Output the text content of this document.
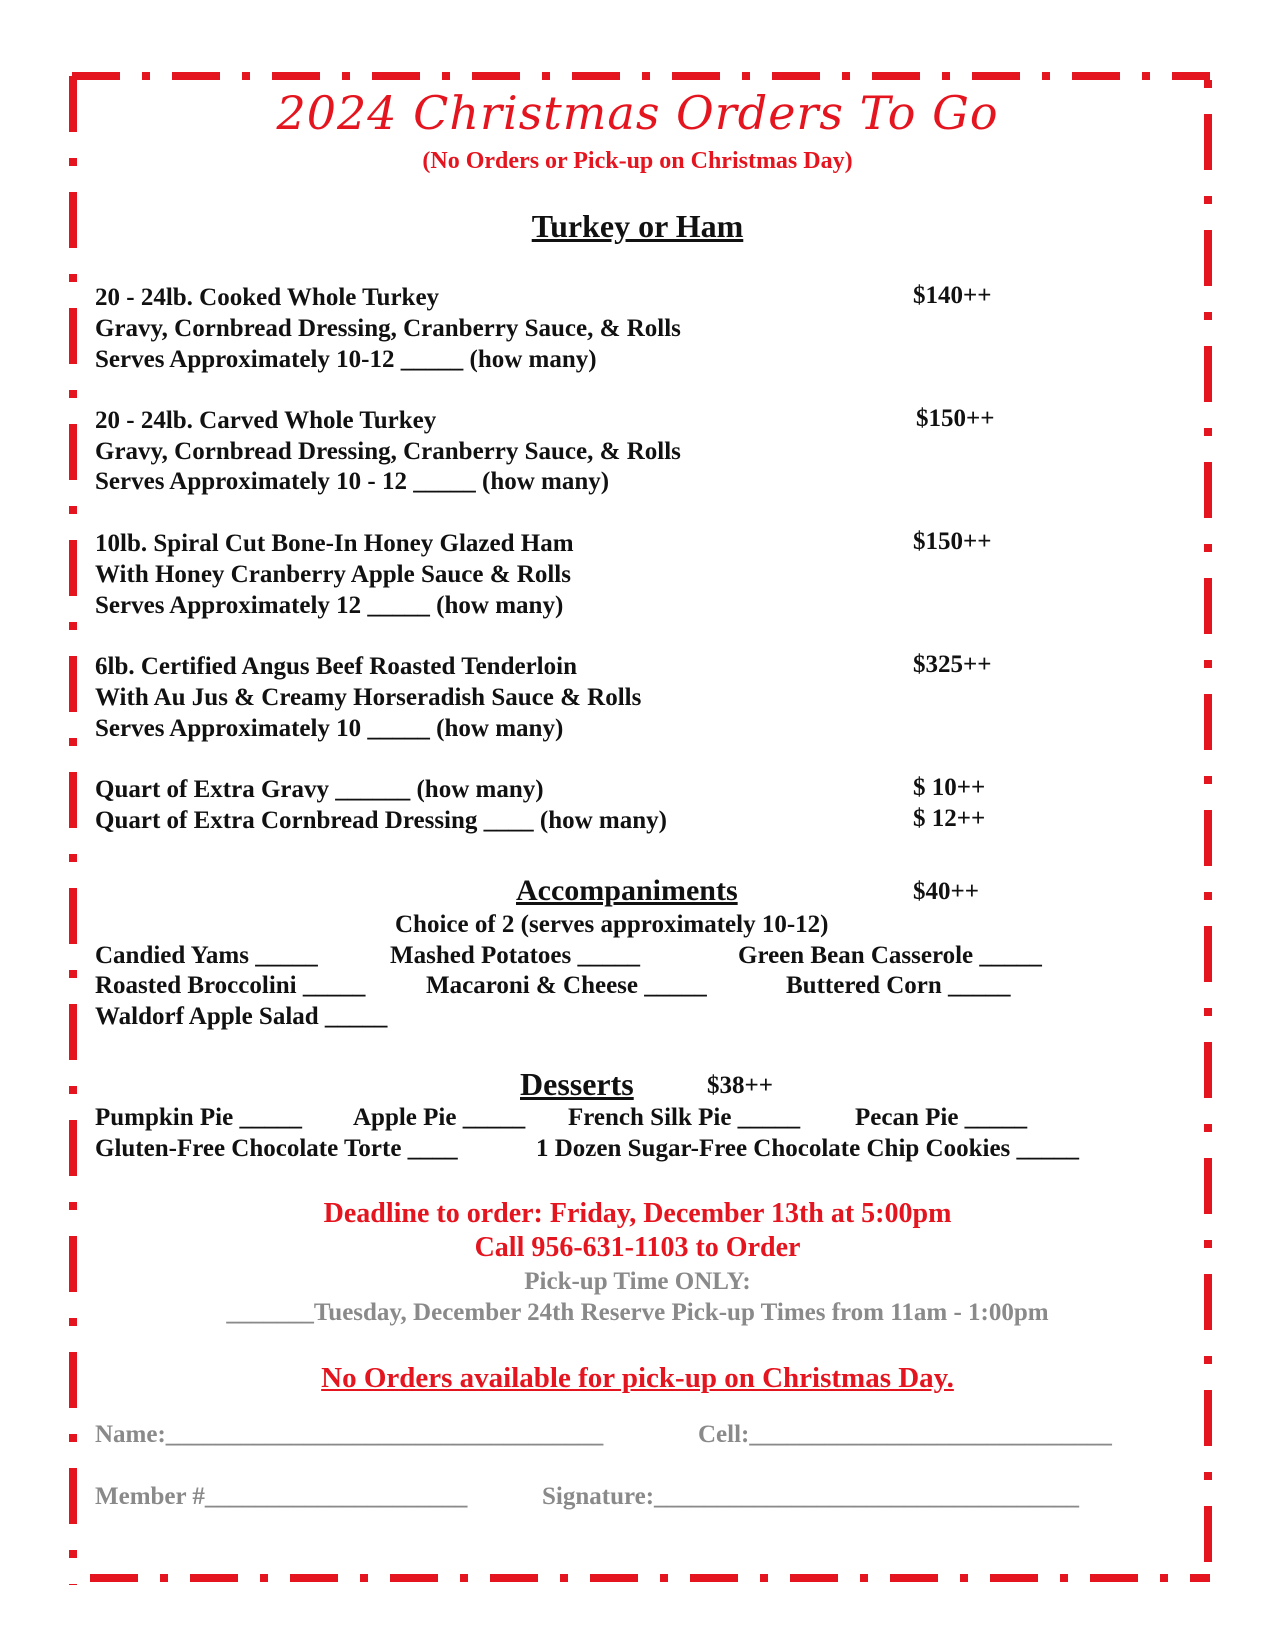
2024 Christmas Orders To Go
(No Orders or Pick-up on Christmas Day)
Turkey or Ham
20 - 24lb. Cooked Whole Turkey
Gravy, Cornbread Dressing, Cranberry Sauce, & Rolls
Serves Approximately 10-12 _____ (how many)
$140++
20 - 24lb. Carved Whole Turkey
Gravy, Cornbread Dressing, Cranberry Sauce, & Rolls
Serves Approximately 10 - 12 _____ (how many)
$150++
10lb. Spiral Cut Bone-In Honey Glazed Ham
With Honey Cranberry Apple Sauce & Rolls
Serves Approximately 12 _____ (how many)
$150++
6lb. Certified Angus Beef Roasted Tenderloin
With Au Jus & Creamy Horseradish Sauce & Rolls
Serves Approximately 10 _____ (how many)
$325++
Quart of Extra Gravy ______ (how many)	$ 10++
Quart of Extra Cornbread Dressing ____ (how many)	$ 12++
Accompaniments	$40++
Choice of 2 (serves approximately 10-12)
Candied Yams _____	Mashed Potatoes _____	Green Bean Casserole _____
Roasted Broccolini _____ Macaroni & Cheese _____	Buttered Corn _____
Waldorf Apple Salad _____
Desserts	$38++
Pumpkin Pie _____ Apple Pie _____ French Silk Pie _____ Pecan Pie _____
Gluten-Free Chocolate Torte ____	1 Dozen Sugar-Free Chocolate Chip Cookies _____
Deadline to order: Friday, December 13th at 5:00pm
Call 956-631-1103 to Order
Pick-up Time ONLY:
_______Tuesday, December 24th Reserve Pick-up Times from 11am - 1:00pm
No Orders available for pick-up on Christmas Day.
Name:___________________________________	Cell:_____________________________
Member #_____________________	Signature:__________________________________
